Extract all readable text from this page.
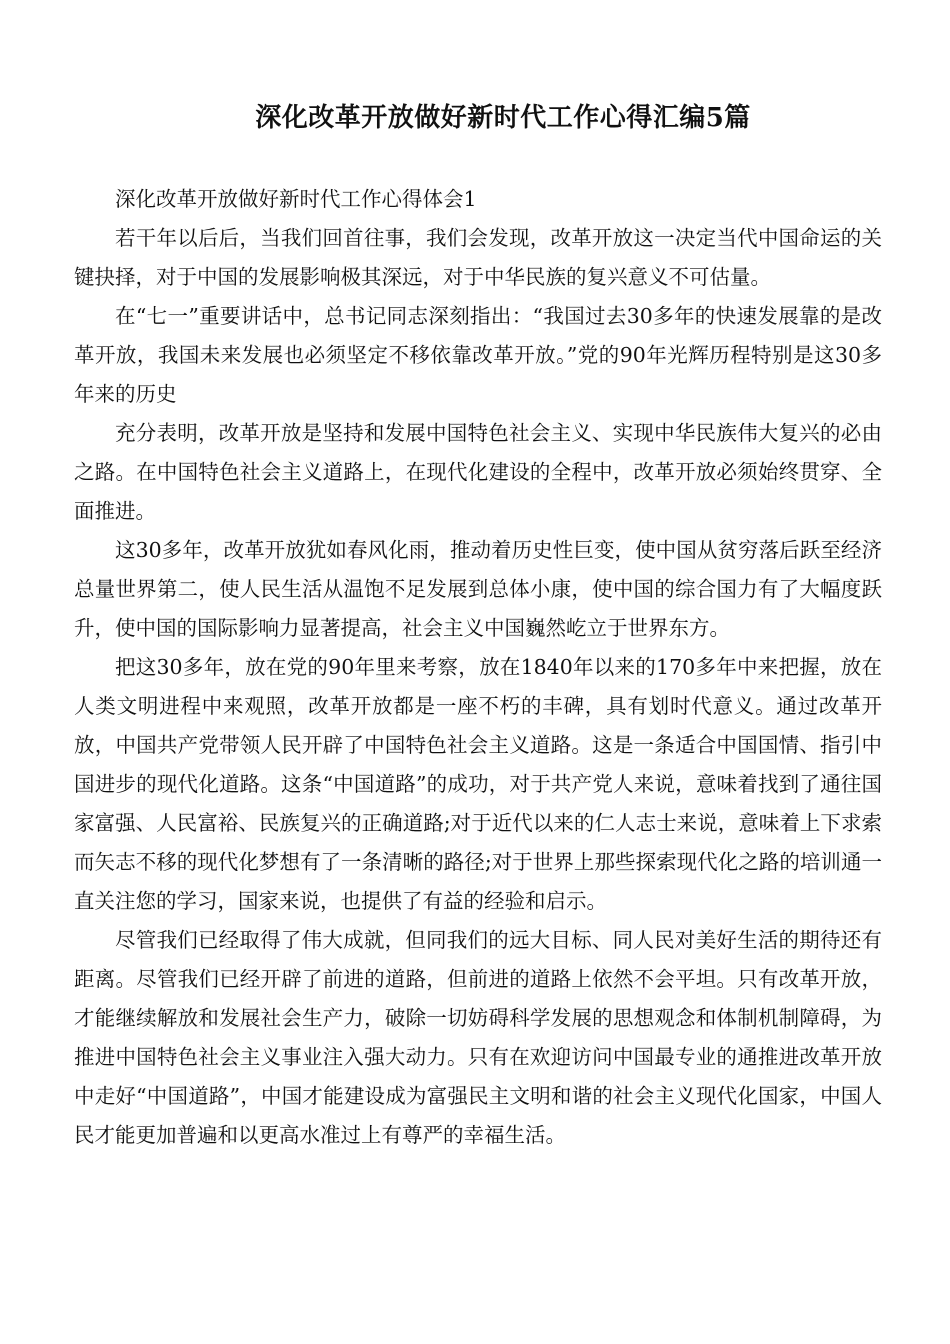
深化改革开放做好新时代工作心得汇编5篇

深化改革开放做好新时代工作心得体会1

若干年以后后，当我们回首往事，我们会发现，改革开放这一决定当代中国命运的关键抉择，对于中国的发展影响极其深远，对于中华民族的复兴意义不可估量。

在“七一”重要讲话中，总书记同志深刻指出：“我国过去30多年的快速发展靠的是改革开放，我国未来发展也必须坚定不移依靠改革开放。”党的90年光辉历程特别是这30多年来的历史

充分表明，改革开放是坚持和发展中国特色社会主义、实现中华民族伟大复兴的必由之路。在中国特色社会主义道路上，在现代化建设的全程中，改革开放必须始终贯穿、全面推进。

这30多年，改革开放犹如春风化雨，推动着历史性巨变，使中国从贫穷落后跃至经济总量世界第二，使人民生活从温饱不足发展到总体小康，使中国的综合国力有了大幅度跃升，使中国的国际影响力显著提高，社会主义中国巍然屹立于世界东方。

把这30多年，放在党的90年里来考察，放在1840年以来的170多年中来把握，放在人类文明进程中来观照，改革开放都是一座不朽的丰碑，具有划时代意义。通过改革开放，中国共产党带领人民开辟了中国特色社会主义道路。这是一条适合中国国情、指引中国进步的现代化道路。这条“中国道路”的成功，对于共产党人来说，意味着找到了通往国家富强、人民富裕、民族复兴的正确道路;对于近代以来的仁人志士来说，意味着上下求索而矢志不移的现代化梦想有了一条清晰的路径;对于世界上那些探索现代化之路的培训通一直关注您的学习，国家来说，也提供了有益的经验和启示。

尽管我们已经取得了伟大成就，但同我们的远大目标、同人民对美好生活的期待还有距离。尽管我们已经开辟了前进的道路，但前进的道路上依然不会平坦。只有改革开放，才能继续解放和发展社会生产力，破除一切妨碍科学发展的思想观念和体制机制障碍，为推进中国特色社会主义事业注入强大动力。只有在欢迎访问中国最专业的通推进改革开放中走好“中国道路”，中国才能建设成为富强民主文明和谐的社会主义现代化国家，中国人民才能更加普遍和以更高水准过上有尊严的幸福生活。
